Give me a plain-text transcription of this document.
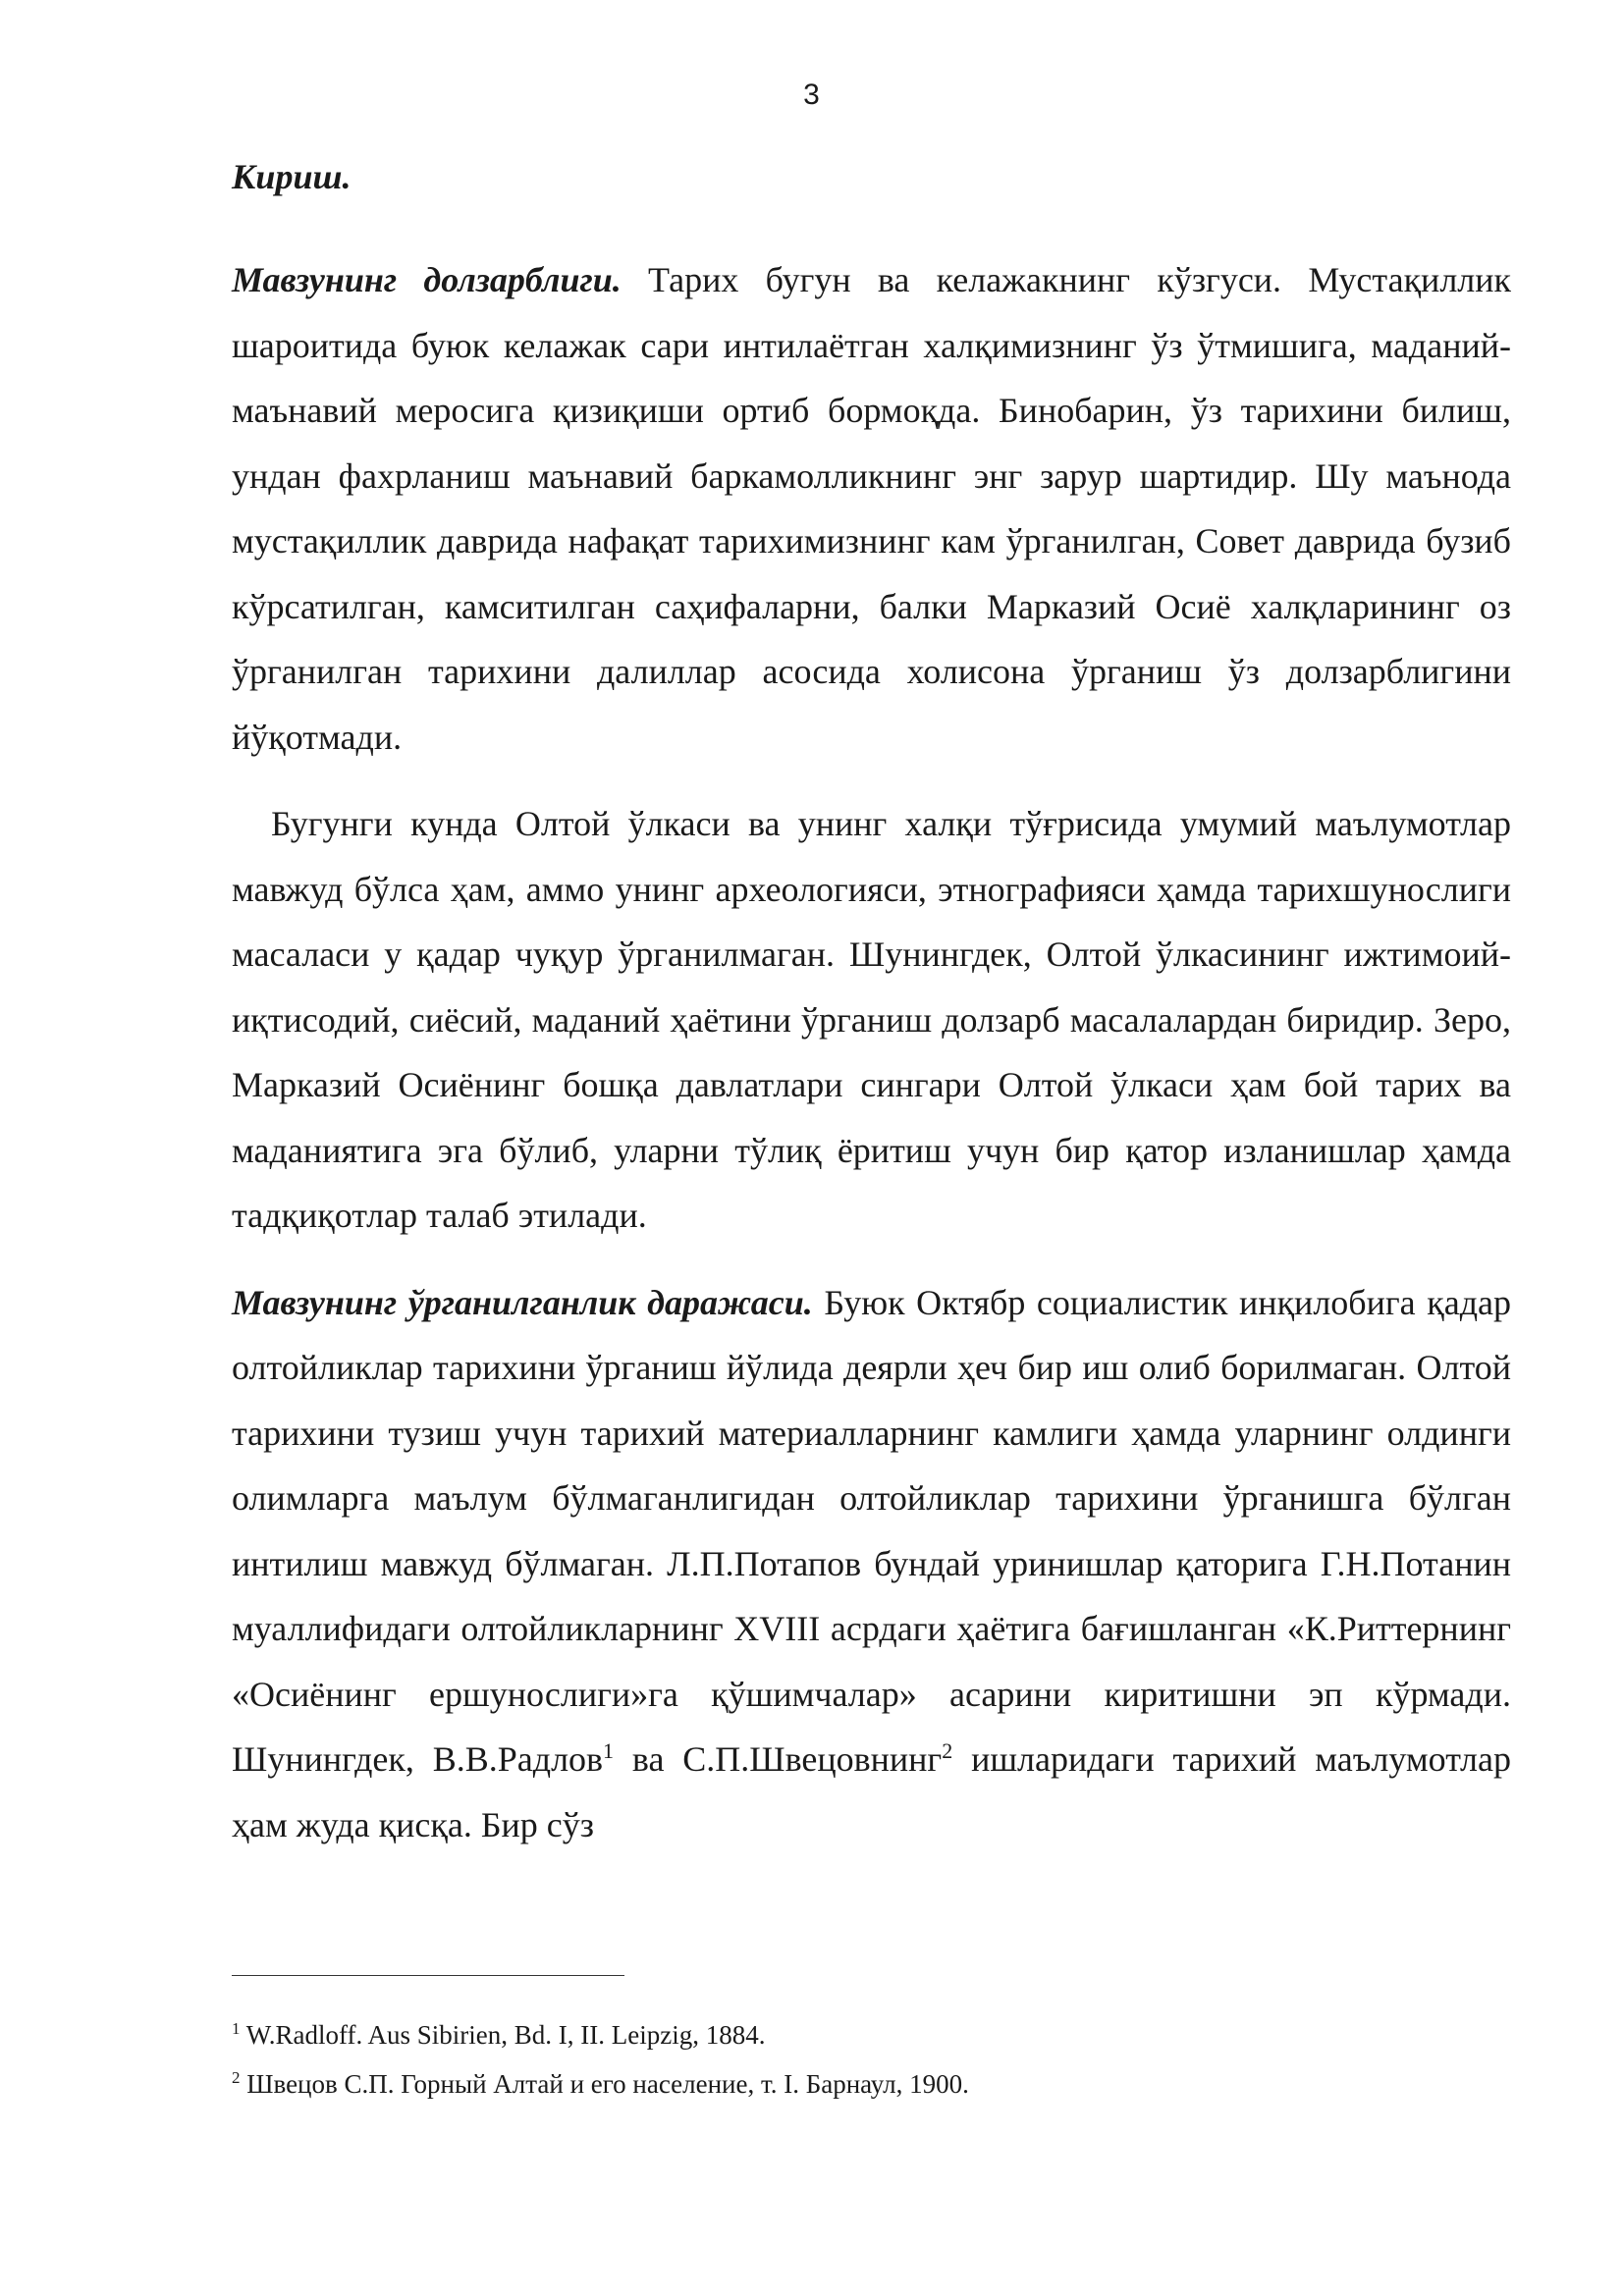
3
Кириш.

Мавзунинг долзарблиги. Тарих бугун ва келажакнинг кўзгуси. Мустақиллик шароитида буюк келажак сари интилаётган халқимизнинг ўз ўтмишига, маданий-маънавий меросига қизиқиши ортиб бормоқда. Бинобарин, ўз тарихини билиш, ундан фахрланиш маънавий баркамолликнинг энг зарур шартидир. Шу маънода мустақиллик даврида нафақат тарихимизнинг кам ўрганилган, Совет даврида бузиб кўрсатилган, камситилган саҳифаларни, балки Марказий Осиё халқларининг оз ўрганилган тарихини далиллар асосида холисона ўрганиш ўз долзарблигини йўқотмади.

Бугунги кунда Олтой ўлкаси ва унинг халқи тўғрисида умумий маълумотлар мавжуд бўлса ҳам, аммо унинг археологияси, этнографияси ҳамда тарихшунослиги масаласи у қадар чуқур ўрганилмаган. Шунингдек, Олтой ўлкасининг ижтимоий-иқтисодий, сиёсий, маданий ҳаётини ўрганиш долзарб масалалардан биридир. Зеро, Марказий Осиёнинг бошқа давлатлари сингари Олтой ўлкаси ҳам бой тарих ва маданиятига эга бўлиб, уларни тўлиқ ёритиш учун бир қатор изланишлар ҳамда тадқиқотлар талаб этилади.

Мавзунинг ўрганилганлик даражаси. Буюк Октябр социалистик инқилобига қадар олтойликлар тарихини ўрганиш йўлида деярли ҳеч бир иш олиб борилмаган. Олтой тарихини тузиш учун тарихий материалларнинг камлиги ҳамда уларнинг олдинги олимларга маълум бўлмаганлигидан олтойликлар тарихини ўрганишга бўлган интилиш мавжуд бўлмаган. Л.П.Потапов бундай уринишлар қаторига Г.Н.Потанин муаллифидаги олтойликларнинг XVIII асрдаги ҳаётига бағишланган «К.Риттернинг «Осиёнинг ершунослиги»га қўшимчалар» асарини киритишни эп кўрмади. Шунингдек, В.В.Радлов$^1$ ва С.П.Швецовнинг$^2$ ишларидаги тарихий маълумотлар ҳам жуда қисқа. Бир сўз

$^1$ W.Radloff. Aus Sibirien, Bd. I, II. Leipzig, 1884.
$^2$ Швецов С.П. Горный Алтай и его население, т. I. Барнаул, 1900.
